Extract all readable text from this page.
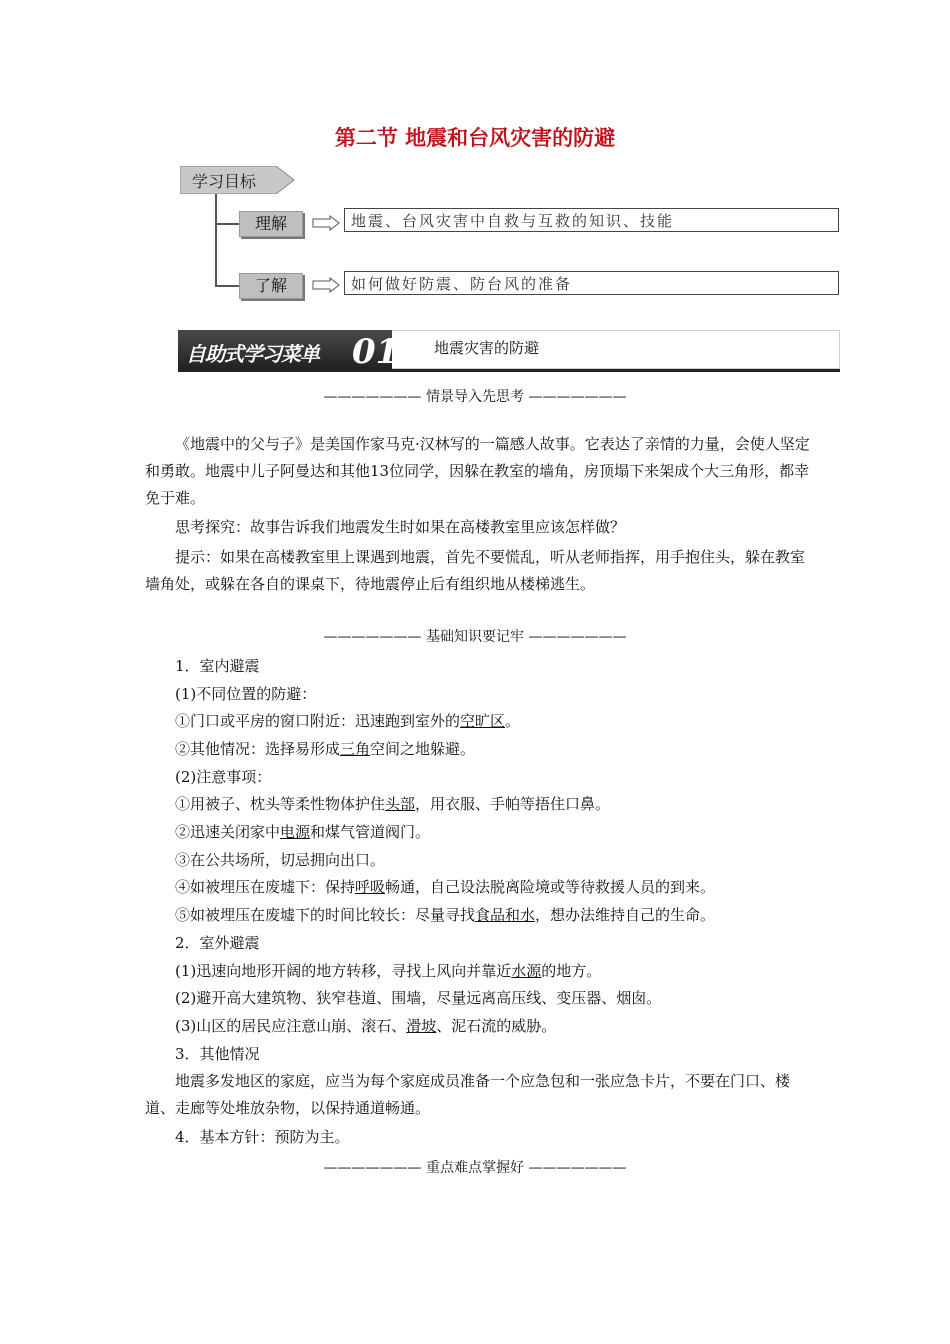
第二节 地震和台风灾害的防避
学习目标
理解	地震、台风灾害中自救与互救的知识、技能
了解	如何做好防震、防台风的准备
自助式学习菜单 01 地震灾害的防避
——————— 情景导入先思考 ———————
《地震中的父与子》是美国作家马克·汉林写的一篇感人故事。它表达了亲情的力量，会使人坚定和勇敢。地震中儿子阿曼达和其他13位同学，因躲在教室的墙角，房顶塌下来架成个大三角形，都幸免于难。
思考探究：故事告诉我们地震发生时如果在高楼教室里应该怎样做？
提示：如果在高楼教室里上课遇到地震，首先不要慌乱，听从老师指挥，用手抱住头，躲在教室墙角处，或躲在各自的课桌下，待地震停止后有组织地从楼梯逃生。
——————— 基础知识要记牢 ———————
1．室内避震
(1)不同位置的防避：
①门口或平房的窗口附近：迅速跑到室外的空旷区。
②其他情况：选择易形成三角空间之地躲避。
(2)注意事项：
①用被子、枕头等柔性物体护住头部，用衣服、手帕等捂住口鼻。
②迅速关闭家中电源和煤气管道阀门。
③在公共场所，切忌拥向出口。
④如被埋压在废墟下：保持呼吸畅通，自己设法脱离险境或等待救援人员的到来。
⑤如被埋压在废墟下的时间比较长：尽量寻找食品和水，想办法维持自己的生命。
2．室外避震
(1)迅速向地形开阔的地方转移，寻找上风向并靠近水源的地方。
(2)避开高大建筑物、狭窄巷道、围墙，尽量远离高压线、变压器、烟囱。
(3)山区的居民应注意山崩、滚石、滑坡、泥石流的威胁。
3．其他情况
地震多发地区的家庭，应当为每个家庭成员准备一个应急包和一张应急卡片，不要在门口、楼道、走廊等处堆放杂物，以保持通道畅通。
4．基本方针：预防为主。
——————— 重点难点掌握好 ———————
